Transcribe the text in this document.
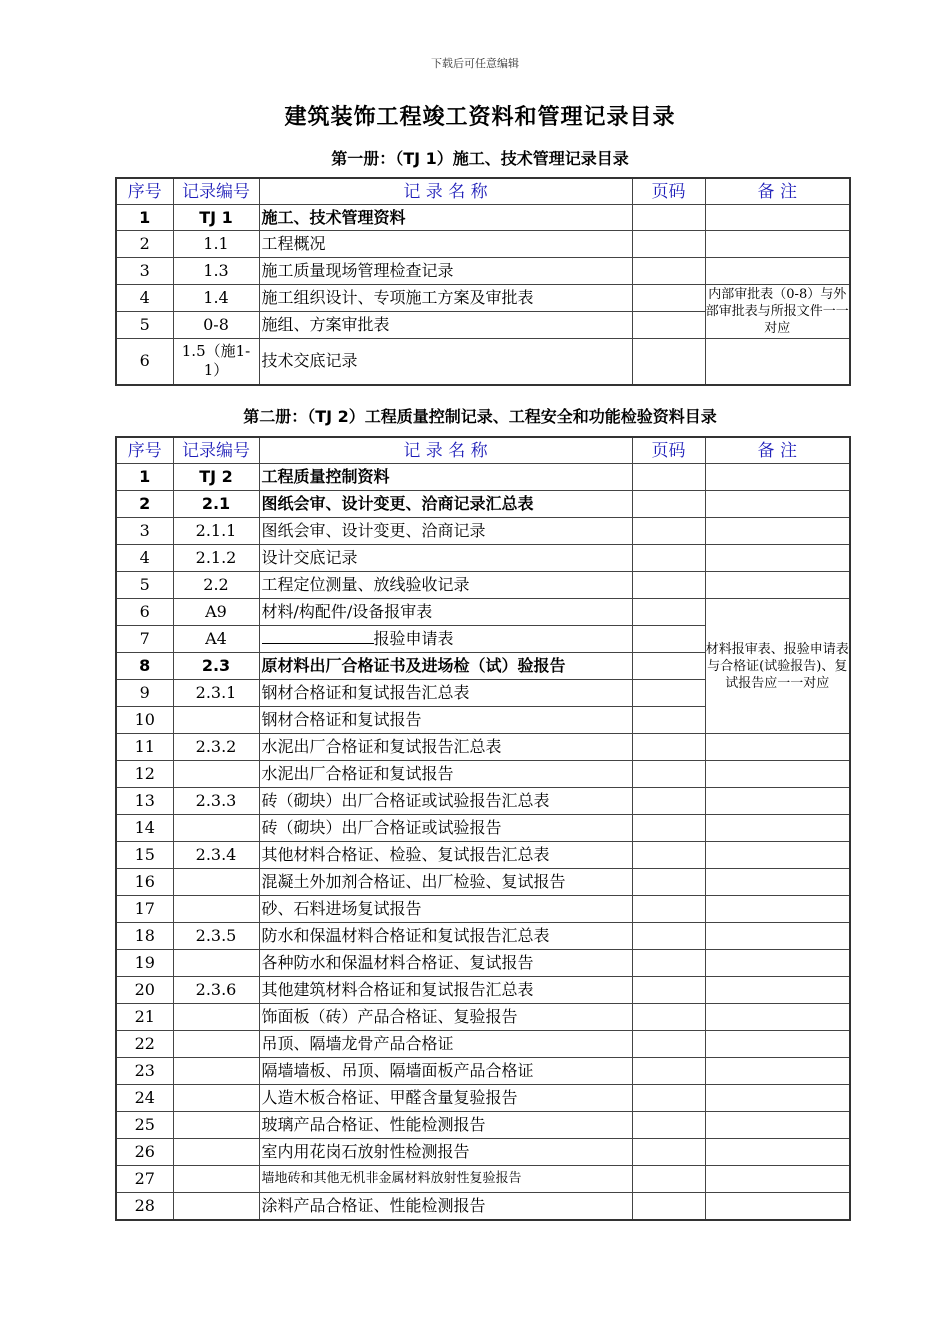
下载后可任意编辑
建筑装饰工程竣工资料和管理记录目录
第一册：（TJ 1）施工、技术管理记录目录
序号	记录编号	记 录 名 称	页码	备 注
1	TJ 1	施工、技术管理资料		
2	1.1	工程概况		
3	1.3	施工质量现场管理检查记录		
4	1.4	施工组织设计、专项施工方案及审批表		内部审批表（0-8）与外部审批表与所报文件一一对应
5	0-8	施组、方案审批表		
6	1.5（施1-1）	技术交底记录		
第二册：（TJ 2）工程质量控制记录、工程安全和功能检验资料目录
序号	记录编号	记 录 名 称	页码	备 注
1	TJ 2	工程质量控制资料		
2	2.1	图纸会审、设计变更、洽商记录汇总表		
3	2.1.1	图纸会审、设计变更、洽商记录		
4	2.1.2	设计交底记录		
5	2.2	工程定位测量、放线验收记录		
6	A9	材料/构配件/设备报审表		材料报审表、报验申请表与合格证(试验报告)、复试报告应一一对应
7	A4	报验申请表		
8	2.3	原材料出厂合格证书及进场检（试）验报告		
9	2.3.1	钢材合格证和复试报告汇总表		
10		钢材合格证和复试报告		
11	2.3.2	水泥出厂合格证和复试报告汇总表		
12		水泥出厂合格证和复试报告		
13	2.3.3	砖（砌块）出厂合格证或试验报告汇总表		
14		砖（砌块）出厂合格证或试验报告		
15	2.3.4	其他材料合格证、检验、复试报告汇总表		
16		混凝土外加剂合格证、出厂检验、复试报告		
17		砂、石料进场复试报告		
18	2.3.5	防水和保温材料合格证和复试报告汇总表		
19		各种防水和保温材料合格证、复试报告		
20	2.3.6	其他建筑材料合格证和复试报告汇总表		
21		饰面板（砖）产品合格证、复验报告		
22		吊顶、隔墙龙骨产品合格证		
23		隔墙墙板、吊顶、隔墙面板产品合格证		
24		人造木板合格证、甲醛含量复验报告		
25		玻璃产品合格证、性能检测报告		
26		室内用花岗石放射性检测报告		
27		墙地砖和其他无机非金属材料放射性复验报告		
28		涂料产品合格证、性能检测报告		
